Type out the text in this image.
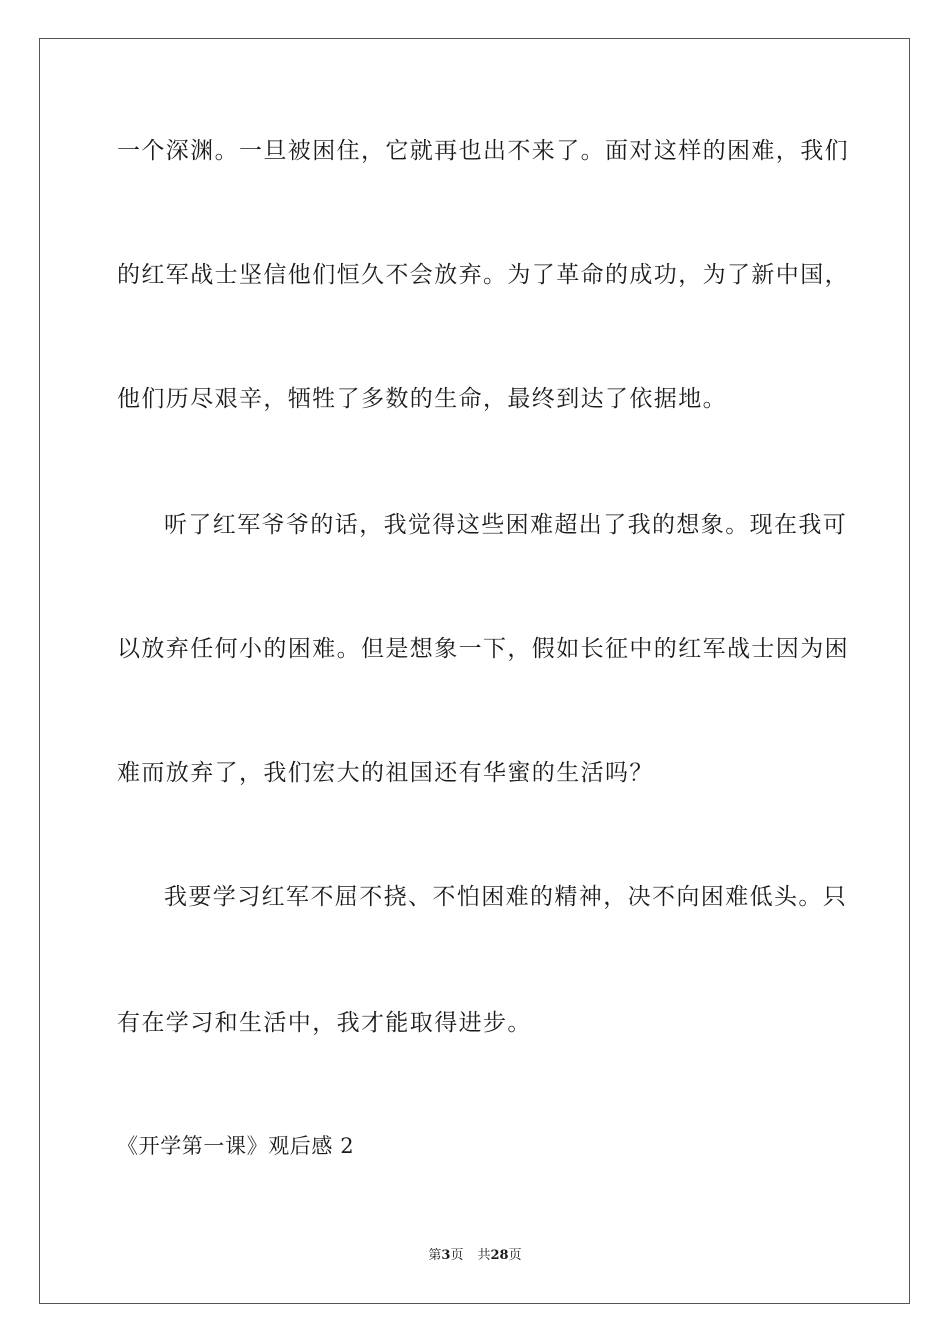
一个深渊。一旦被困住，它就再也出不来了。面对这样的困难，我们
的红军战士坚信他们恒久不会放弃。为了革命的成功，为了新中国，
他们历尽艰辛，牺牲了多数的生命，最终到达了依据地。
听了红军爷爷的话，我觉得这些困难超出了我的想象。现在我可
以放弃任何小的困难。但是想象一下，假如长征中的红军战士因为困
难而放弃了，我们宏大的祖国还有华蜜的生活吗？
我要学习红军不屈不挠、不怕困难的精神，决不向困难低头。只
有在学习和生活中，我才能取得进步。
《开学第一课》观后感 2
第3页 共28页
